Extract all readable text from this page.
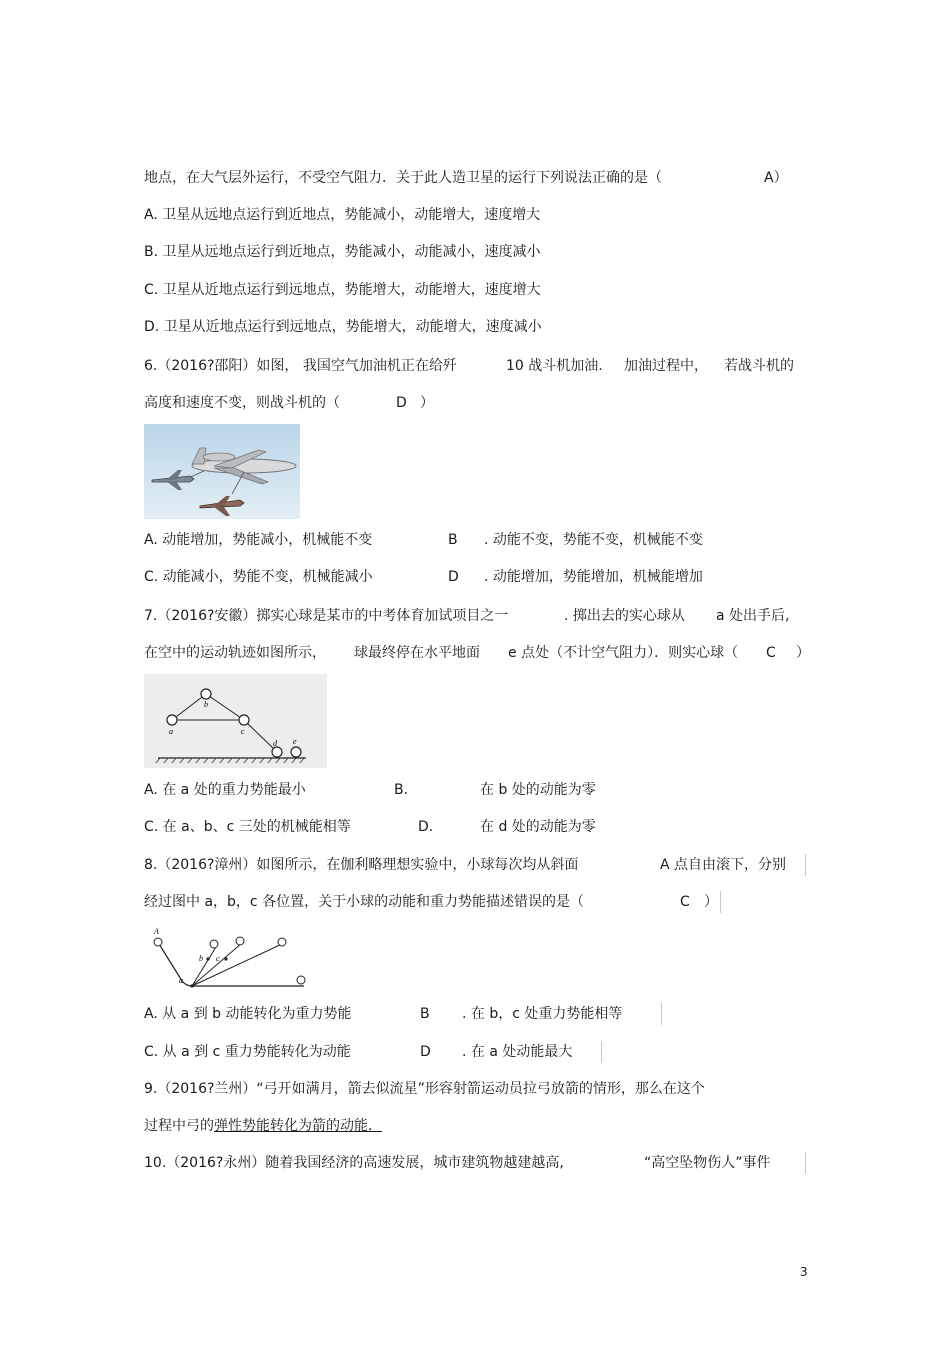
地点，在大气层外运行，不受空气阻力．关于此人造卫星的运行下列说法正确的是（	A）
A. 卫星从远地点运行到近地点，势能减小，动能增大，速度增大
B. 卫星从远地点运行到近地点，势能减小，动能减小，速度减小
C. 卫星从近地点运行到远地点，势能增大，动能增大，速度增大
D. 卫星从近地点运行到远地点，势能增大，动能增大，速度减小
6.（2016?邵阳）如图， 我国空气加油机正在给歼	10 战斗机加油. 加油过程中， 若战斗机的
高度和速度不变，则战斗机的（	D ）
A. 动能增加，势能减小，机械能不变	B . 动能不变，势能不变，机械能不变
C. 动能减小，势能不变，机械能减小	D . 动能增加，势能增加，机械能增加
7.（2016?安徽）掷实心球是某市的中考体育加试项目之一	. 掷出去的实心球从 a 处出手后,
在空中的运动轨迹如图所示， 球最终停在水平地面 e 点处（不计空气阻力）．则实心球（ C ）
b
a	c
d e
A. 在 a 处的重力势能最小	B.	在 b 处的动能为零
C. 在 a、b、c 三处的机械能相等	D.	在 d 处的动能为零
8.（2016?漳州）如图所示，在伽利略理想实验中，小球每次均从斜面	A 点自由滚下，分别
经过图中 a，b，c 各位置，关于小球的动能和重力势能描述错误的是（	C ）
A
b c
a
A. 从 a 到 b 动能转化为重力势能	B . 在 b，c 处重力势能相等
C. 从 a 到 c 重力势能转化为动能	D . 在 a 处动能最大
9.（2016?兰州）“弓开如满月，箭去似流星”形容射箭运动员拉弓放箭的情形，那么在这个
过程中弓的弹性势能转化为箭的动能．
10.（2016?永州）随着我国经济的高速发展，城市建筑物越建越高,	“高空坠物伤人”事件
3
